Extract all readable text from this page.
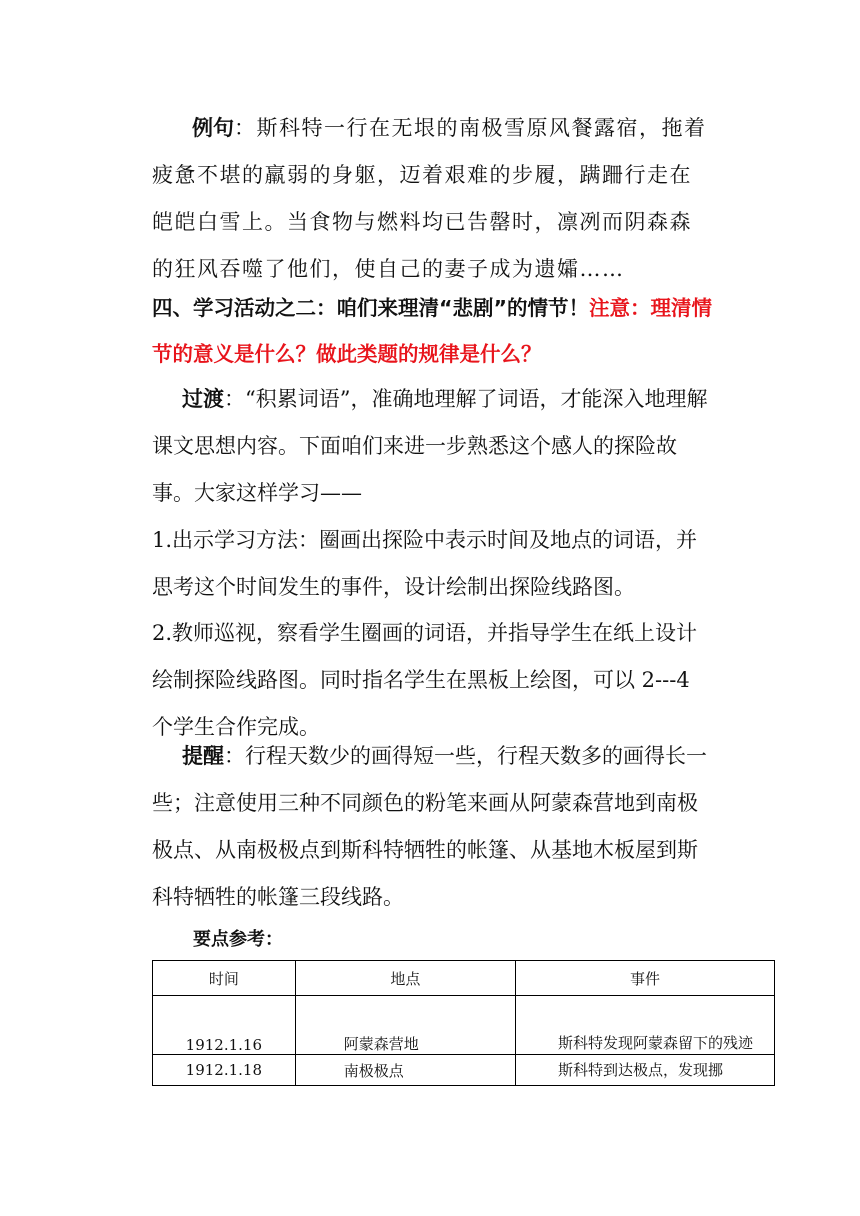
例句：斯科特一行在无垠的南极雪原风餐露宿，拖着疲惫不堪的羸弱的身躯，迈着艰难的步履，蹒跚行走在皑皑白雪上。当食物与燃料均已告罄时，凛冽而阴森森的狂风吞噬了他们，使自己的妻子成为遗孀……
四、学习活动之二：咱们来理清“悲剧”的情节！注意：理清情节的意义是什么？做此类题的规律是什么？
过渡：“积累词语”，准确地理解了词语，才能深入地理解课文思想内容。下面咱们来进一步熟悉这个感人的探险故事。大家这样学习——
1.出示学习方法：圈画出探险中表示时间及地点的词语，并思考这个时间发生的事件，设计绘制出探险线路图。
2.教师巡视，察看学生圈画的词语，并指导学生在纸上设计绘制探险线路图。同时指名学生在黑板上绘图，可以 2---4 个学生合作完成。
提醒：行程天数少的画得短一些，行程天数多的画得长一些；注意使用三种不同颜色的粉笔来画从阿蒙森营地到南极极点、从南极极点到斯科特牺牲的帐篷、从基地木板屋到斯科特牺牲的帐篷三段线路。
要点参考：
时间	地点	事件
1912.1.16	阿蒙森营地	斯科特发现阿蒙森留下的残迹
1912.1.18	南极极点	斯科特到达极点，发现挪
